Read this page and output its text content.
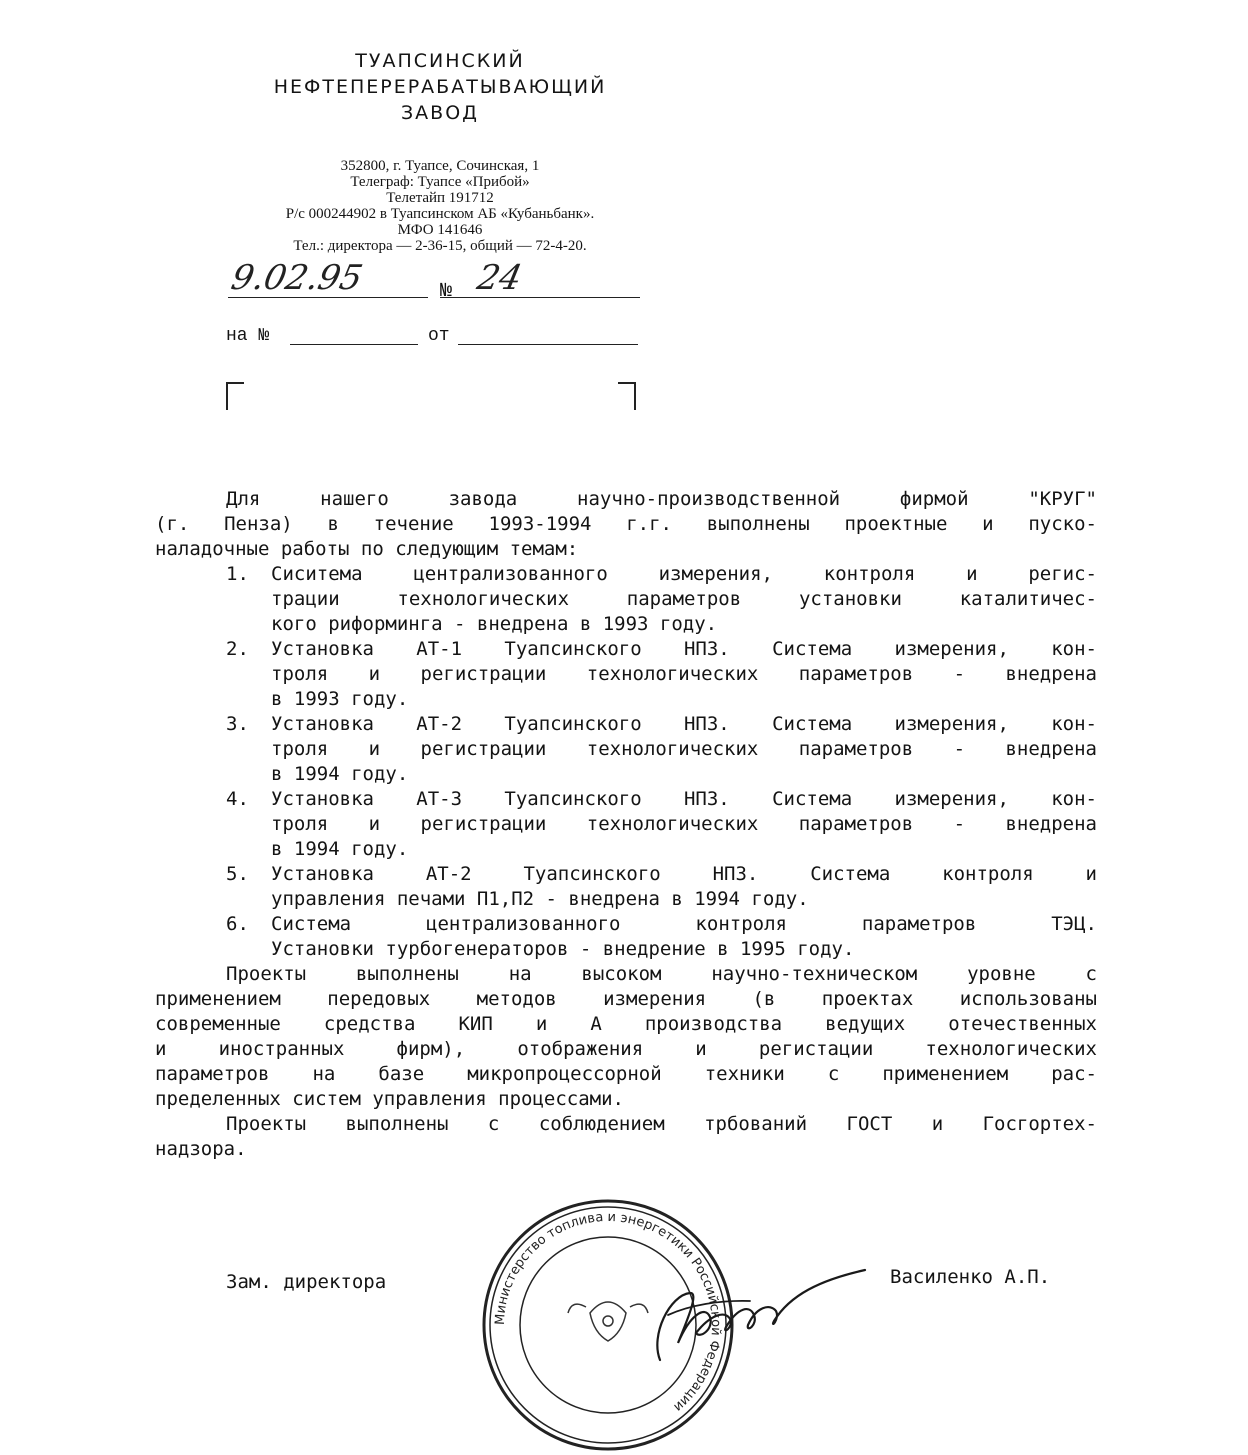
ТУАПСИНСКИЙ
НЕФТЕПЕРЕРАБАТЫВАЮЩИЙ
ЗАВОД
352800, г. Туапсе, Сочинская, 1
Телеграф: Туапсе «Прибой»
Телетайп 191712
Р/с 000244902 в Туапсинском АБ «Кубаньбанк».
МФО 141646
Тел.: директора — 2-36-15, общий — 72-4-20.
9.02.95	№ 24
на №	от
Для нашего завода научно-производственной фирмой "КРУГ"
(г. Пенза) в течение 1993-1994 г.г. выполнены проектные и пуско-
наладочные работы по следующим темам:
1. Сиситема централизованного измерения, контроля и регис-
трации технологических параметров установки каталитичес-
кого риформинга - внедрена в 1993 году.
2. Установка АТ-1 Туапсинского НПЗ. Система измерения, кон-
троля и регистрации технологических параметров - внедрена
в 1993 году.
3. Установка АТ-2 Туапсинского НПЗ. Система измерения, кон-
троля и регистрации технологических параметров - внедрена
в 1994 году.
4. Установка АТ-3 Туапсинского НПЗ. Система измерения, кон-
троля и регистрации технологических параметров - внедрена
в 1994 году.
5. Установка АТ-2 Туапсинского НПЗ. Система контроля и
управления печами П1,П2 - внедрена в 1994 году.
6. Система централизованного контроля параметров ТЭЦ.
Установки турбогенераторов - внедрение в 1995 году.
Проекты выполнены на высоком научно-техническом уровне с
применением передовых методов измерения (в проектах использованы
современные средства КИП и А производства ведущих отечественных
и иностранных фирм), отображения и регистации технологических
параметров на базе микропроцессорной техники с применением рас-
пределенных систем управления процессами.
Проекты выполнены с соблюдением трбований ГОСТ и Госгортех-
надзора.
Зам. директора	Василенко А.П.
Министерство топлива и энергетики Российской Федерации
